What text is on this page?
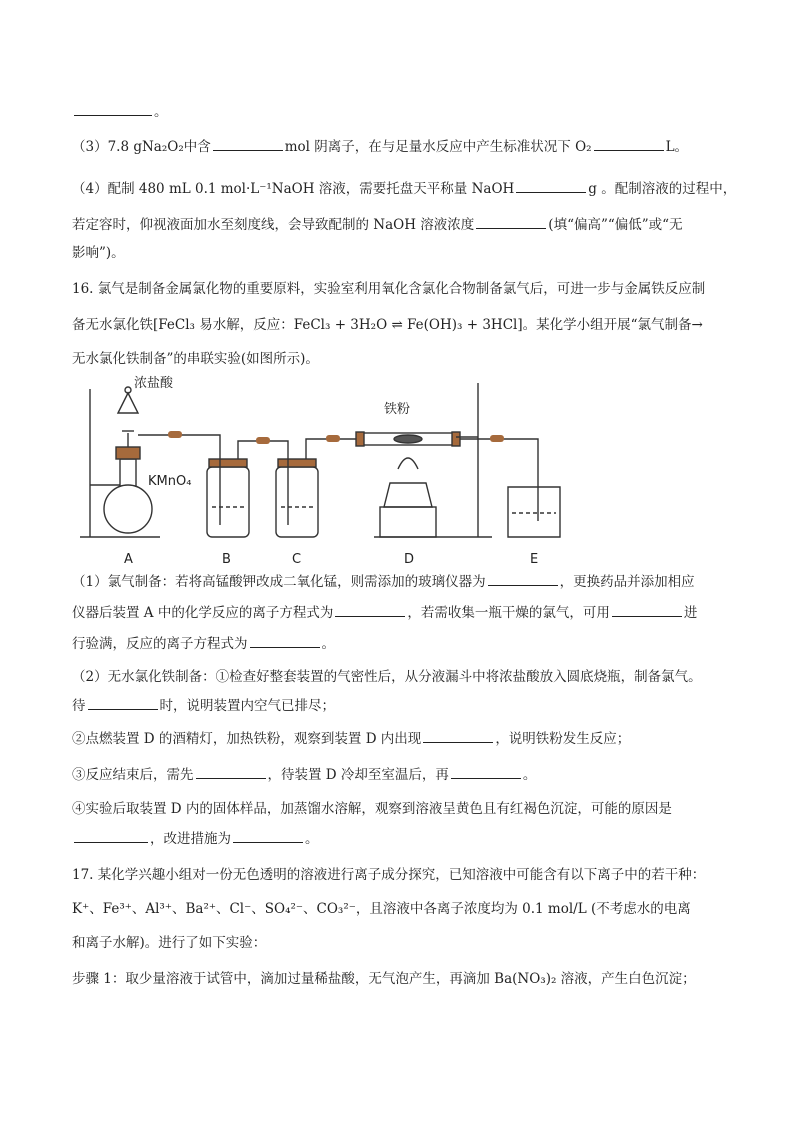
。
（3）7.8 gNa₂O₂中含	mol 阴离子，在与足量水反应中产生标准状况下 O₂	L。
（4）配制 480 mL 0.1 mol·L⁻¹NaOH 溶液，需要托盘天平称量 NaOH	g 。配制溶液的过程中，
若定容时，仰视液面加水至刻度线，会导致配制的 NaOH 溶液浓度	(填“偏高”“偏低”或“无
影响”)。
16. 氯气是制备金属氯化物的重要原料，实验室利用氧化含氯化合物制备氯气后，可进一步与金属铁反应制
备无水氯化铁[FeCl₃ 易水解，反应：FeCl₃ + 3H₂O ⇌ Fe(OH)₃ + 3HCl]。某化学小组开展“氯气制备→
无水氯化铁制备”的串联实验(如图所示)。
浓盐酸
KMnO₄
铁粉
A	B	C	D	E
（1）氯气制备：若将高锰酸钾改成二氧化锰，则需添加的玻璃仪器为	，更换药品并添加相应
仪器后装置 A 中的化学反应的离子方程式为	，若需收集一瓶干燥的氯气，可用	进
行验满，反应的离子方程式为	。
（2）无水氯化铁制备：①检查好整套装置的气密性后，从分液漏斗中将浓盐酸放入圆底烧瓶，制备氯气。
待	时，说明装置内空气已排尽；
②点燃装置 D 的酒精灯，加热铁粉，观察到装置 D 内出现	，说明铁粉发生反应；
③反应结束后，需先	，待装置 D 冷却至室温后，再	。
④实验后取装置 D 内的固体样品，加蒸馏水溶解，观察到溶液呈黄色且有红褐色沉淀，可能的原因是
，改进措施为	。
17. 某化学兴趣小组对一份无色透明的溶液进行离子成分探究，已知溶液中可能含有以下离子中的若干种：
K⁺、Fe³⁺、Al³⁺、Ba²⁺、Cl⁻、SO₄²⁻、CO₃²⁻，且溶液中各离子浓度均为 0.1 mol/L (不考虑水的电离
和离子水解)。进行了如下实验：
步骤 1：取少量溶液于试管中，滴加过量稀盐酸，无气泡产生，再滴加 Ba(NO₃)₂ 溶液，产生白色沉淀；
